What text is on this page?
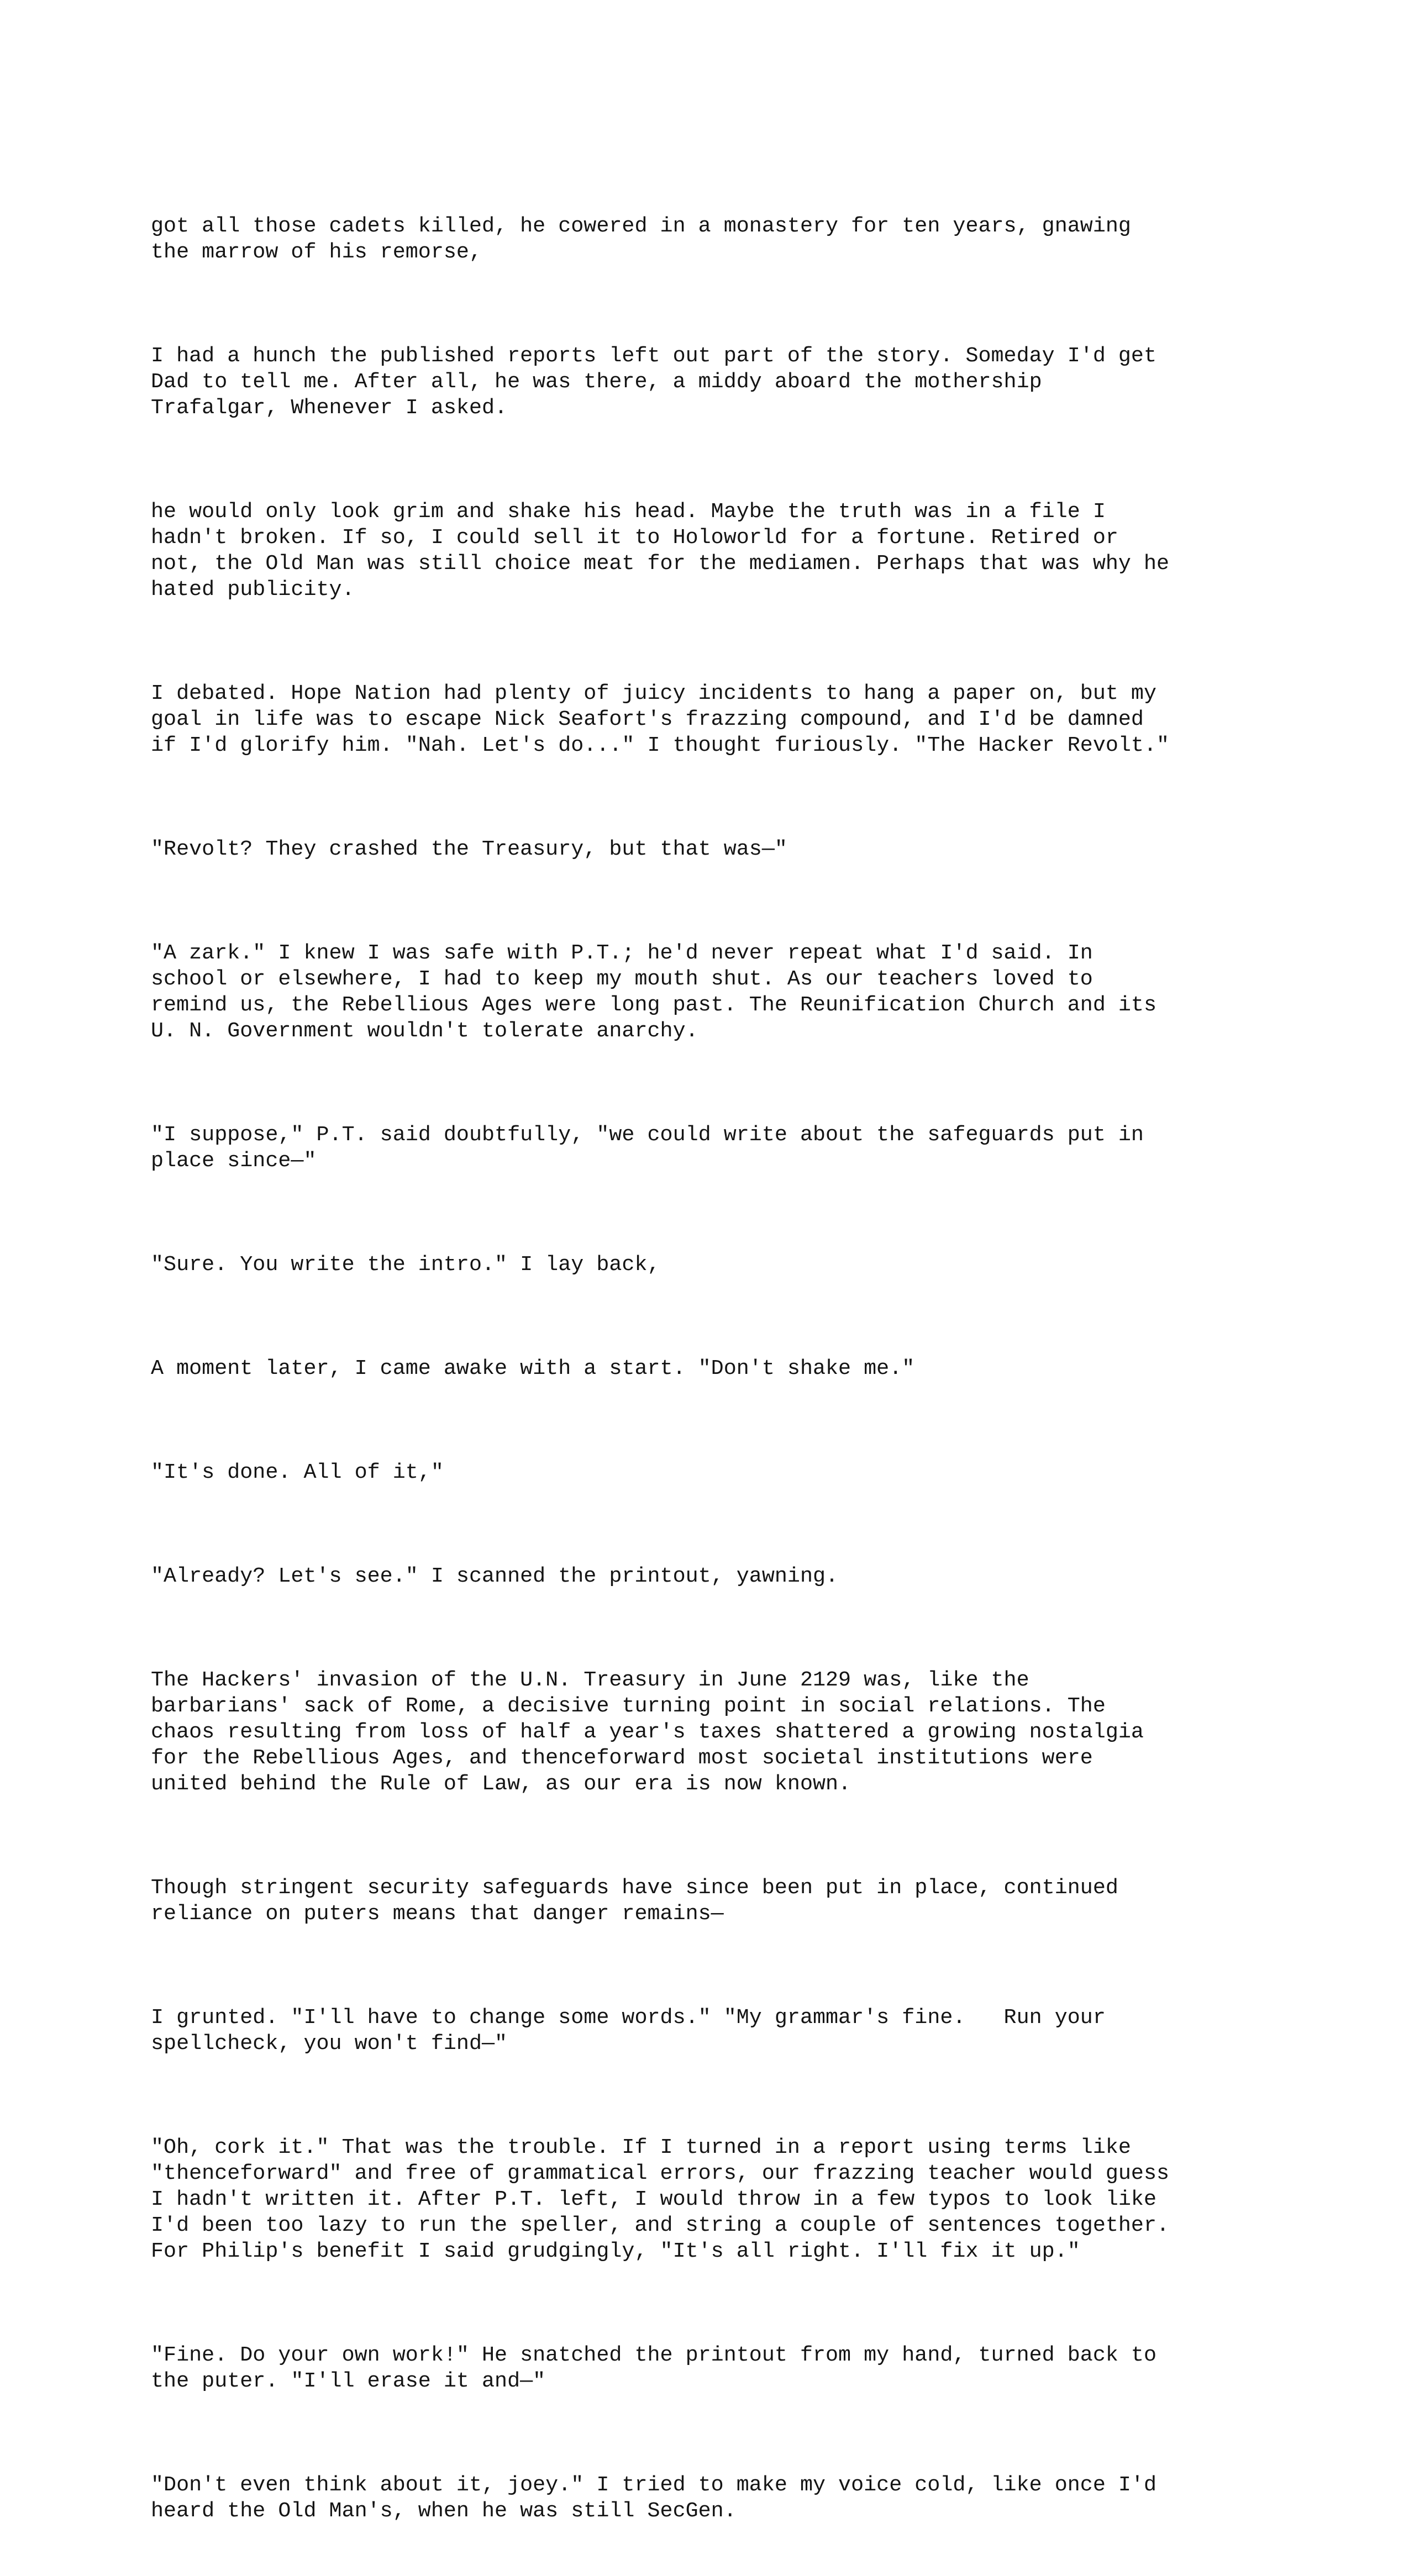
got all those cadets killed, he cowered in a monastery for ten years, gnawing
the marrow of his remorse,

I had a hunch the published reports left out part of the story. Someday I'd get
Dad to tell me. After all, he was there, a middy aboard the mothership
Trafalgar, Whenever I asked.

he would only look grim and shake his head. Maybe the truth was in a file I
hadn't broken. If so, I could sell it to Holoworld for a fortune. Retired or
not, the Old Man was still choice meat for the mediamen. Perhaps that was why he
hated publicity.

I debated. Hope Nation had plenty of juicy incidents to hang a paper on, but my
goal in life was to escape Nick Seafort's frazzing compound, and I'd be damned
if I'd glorify him. "Nah. Let's do..." I thought furiously. "The Hacker Revolt."

"Revolt? They crashed the Treasury, but that was—"

"A zark." I knew I was safe with P.T.; he'd never repeat what I'd said. In
school or elsewhere, I had to keep my mouth shut. As our teachers loved to
remind us, the Rebellious Ages were long past. The Reunification Church and its
U. N. Government wouldn't tolerate anarchy.

"I suppose," P.T. said doubtfully, "we could write about the safeguards put in
place since—"

"Sure. You write the intro." I lay back,

A moment later, I came awake with a start. "Don't shake me."

"It's done. All of it,"

"Already? Let's see." I scanned the printout, yawning.

The Hackers' invasion of the U.N. Treasury in June 2129 was, like the
barbarians' sack of Rome, a decisive turning point in social relations. The
chaos resulting from loss of half a year's taxes shattered a growing nostalgia
for the Rebellious Ages, and thenceforward most societal institutions were
united behind the Rule of Law, as our era is now known.

Though stringent security safeguards have since been put in place, continued
reliance on puters means that danger remains—

I grunted. "I'll have to change some words." "My grammar's fine.   Run your
spellcheck, you won't find—"

"Oh, cork it." That was the trouble. If I turned in a report using terms like
"thenceforward" and free of grammatical errors, our frazzing teacher would guess
I hadn't written it. After P.T. left, I would throw in a few typos to look like
I'd been too lazy to run the speller, and string a couple of sentences together.
For Philip's benefit I said grudgingly, "It's all right. I'll fix it up."

"Fine. Do your own work!" He snatched the printout from my hand, turned back to
the puter. "I'll erase it and—"

"Don't even think about it, joey." I tried to make my voice cold, like once I'd
heard the Old Man's, when he was still SecGen.
